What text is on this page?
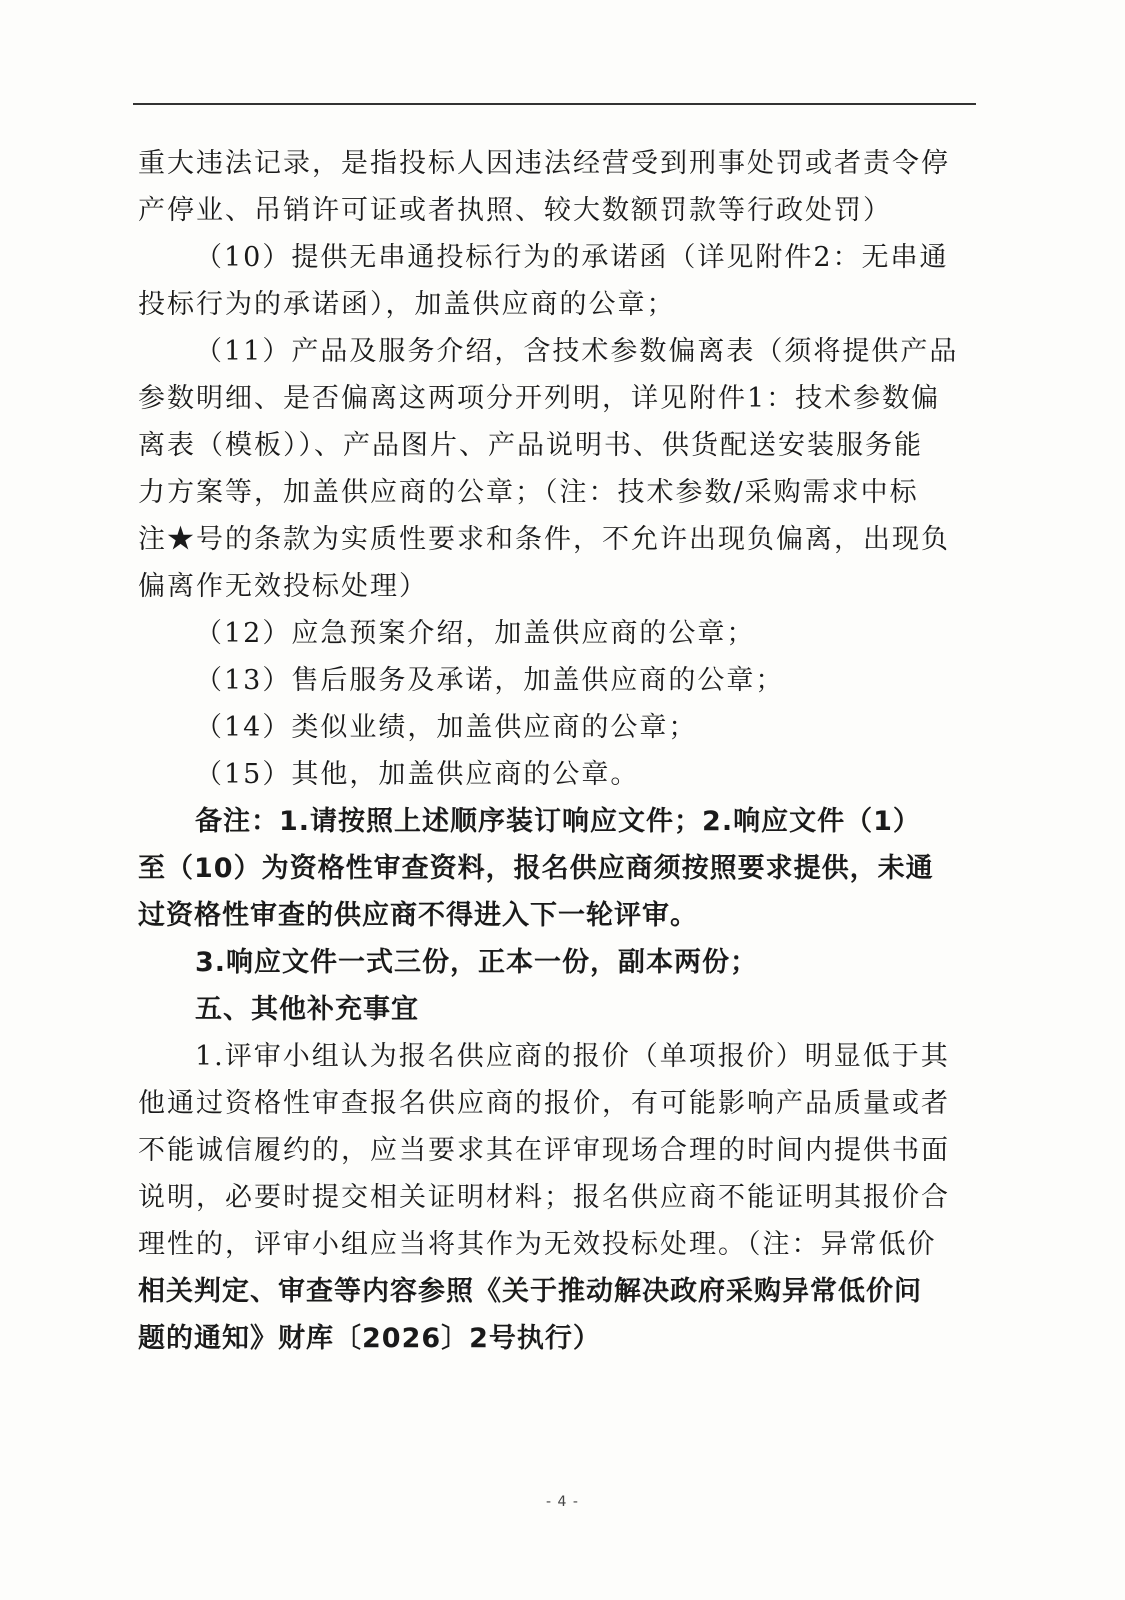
重大违法记录，是指投标人因违法经营受到刑事处罚或者责令停
产停业、吊销许可证或者执照、较大数额罚款等行政处罚）
（10）提供无串通投标行为的承诺函（详见附件2：无串通
投标行为的承诺函），加盖供应商的公章；
（11）产品及服务介绍，含技术参数偏离表（须将提供产品
参数明细、是否偏离这两项分开列明，详见附件1：技术参数偏
离表（模板））、产品图片、产品说明书、供货配送安装服务能
力方案等，加盖供应商的公章；（注：技术参数/采购需求中标
注★号的条款为实质性要求和条件，不允许出现负偏离，出现负
偏离作无效投标处理）
（12）应急预案介绍，加盖供应商的公章；
（13）售后服务及承诺，加盖供应商的公章；
（14）类似业绩，加盖供应商的公章；
（15）其他，加盖供应商的公章。
备注：1.请按照上述顺序装订响应文件；2.响应文件（1）
至（10）为资格性审查资料，报名供应商须按照要求提供，未通
过资格性审查的供应商不得进入下一轮评审。
3.响应文件一式三份，正本一份，副本两份；
五、其他补充事宜
1.评审小组认为报名供应商的报价（单项报价）明显低于其
他通过资格性审查报名供应商的报价，有可能影响产品质量或者
不能诚信履约的，应当要求其在评审现场合理的时间内提供书面
说明，必要时提交相关证明材料；报名供应商不能证明其报价合
理性的，评审小组应当将其作为无效投标处理。（注：异常低价
相关判定、审查等内容参照《关于推动解决政府采购异常低价问
题的通知》财库〔2026〕2号执行）
- 4 -
